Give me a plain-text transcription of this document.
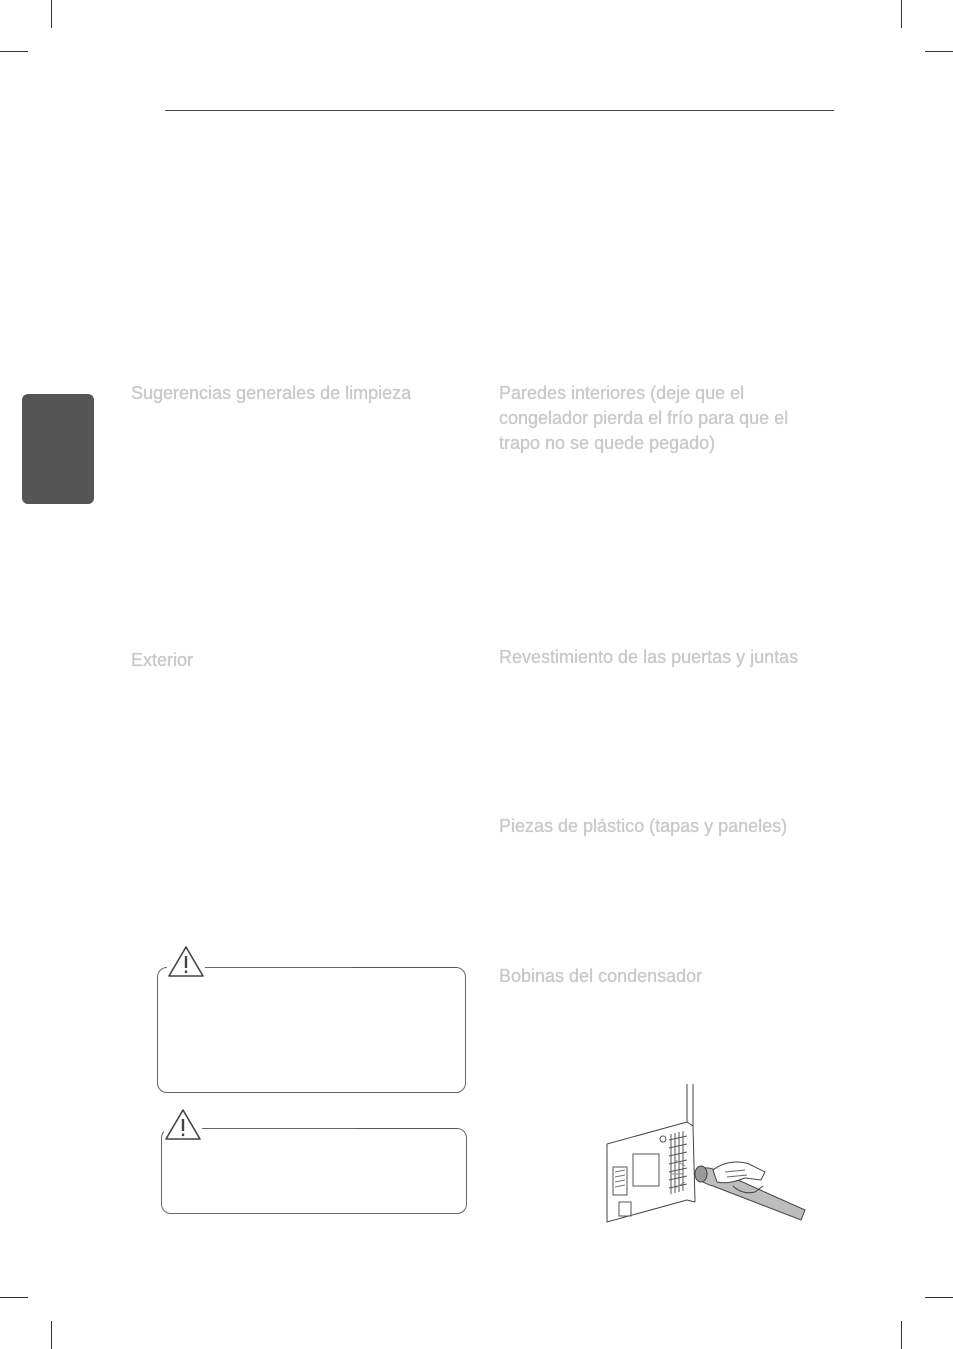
Sugerencias generales de limpieza
Exterior
Paredes interiores (deje que el congelador pierda el frío para que el trapo no se quede pegado)
Revestimiento de las puertas y juntas
Piezas de plástico (tapas y paneles)
Bobinas del condensador
